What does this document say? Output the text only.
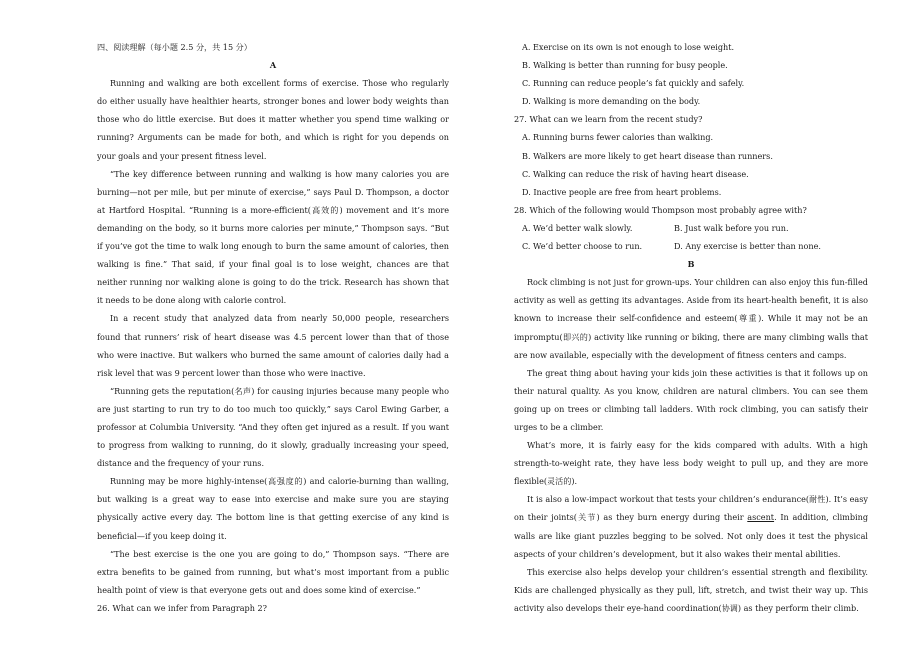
四、阅读理解（每小题 2.5 分，共 15 分）

A

Running and walking are both excellent forms of exercise. Those who regularly do either usually have healthier hearts, stronger bones and lower body weights than those who do little exercise. But does it matter whether you spend time walking or running? Arguments can be made for both, and which is right for you depends on your goals and your present fitness level.

“The key difference between running and walking is how many calories you are burning—not per mile, but per minute of exercise,” says Paul D. Thompson, a doctor at Hartford Hospital. “Running is a more-efficient(高效的) movement and it’s more demanding on the body, so it burns more calories per minute,” Thompson says. “But if you’ve got the time to walk long enough to burn the same amount of calories, then walking is fine.” That said, if your final goal is to lose weight, chances are that neither running nor walking alone is going to do the trick. Research has shown that it needs to be done along with calorie control.

In a recent study that analyzed data from nearly 50,000 people, researchers found that runners’ risk of heart disease was 4.5 percent lower than that of those who were inactive. But walkers who burned the same amount of calories daily had a risk level that was 9 percent lower than those who were inactive.

“Running gets the reputation(名声) for causing injuries because many people who are just starting to run try to do too much too quickly,” says Carol Ewing Garber, a professor at Columbia University. “And they often get injured as a result. If you want to progress from walking to running, do it slowly, gradually increasing your speed, distance and the frequency of your runs.

Running may be more highly-intense(高强度的) and calorie-burning than walling, but walking is a great way to ease into exercise and make sure you are staying physically active every day. The bottom line is that getting exercise of any kind is beneficial—if you keep doing it.

“The best exercise is the one you are going to do,” Thompson says. “There are extra benefits to be gained from running, but what’s most important from a public health point of view is that everyone gets out and does some kind of exercise.”

26. What can we infer from Paragraph 2?

A. Exercise on its own is not enough to lose weight.

B. Walking is better than running for busy people.

C. Running can reduce people’s fat quickly and safely.

D. Walking is more demanding on the body.

27. What can we learn from the recent study?

A. Running burns fewer calories than walking.

B. Walkers are more likely to get heart disease than runners.

C. Walking can reduce the risk of having heart disease.

D. Inactive people are free from heart problems.

28. Which of the following would Thompson most probably agree with?

A. We’d better walk slowly.	B. Just walk before you run.
C. We’d better choose to run.	D. Any exercise is better than none.

B

Rock climbing is not just for grown-ups. Your children can also enjoy this fun-filled activity as well as getting its advantages. Aside from its heart-health benefit, it is also known to increase their self-confidence and esteem(尊重). While it may not be an impromptu(即兴的) activity like running or biking, there are many climbing walls that are now available, especially with the development of fitness centers and camps.

The great thing about having your kids join these activities is that it follows up on their natural quality. As you know, children are natural climbers. You can see them going up on trees or climbing tall ladders. With rock climbing, you can satisfy their urges to be a climber.

What’s more, it is fairly easy for the kids compared with adults. With a high strength-to-weight rate, they have less body weight to pull up, and they are more flexible(灵活的).

It is also a low-impact workout that tests your children’s endurance(耐性). It’s easy on their joints(关节) as they burn energy during their ascent. In addition, climbing walls are like giant puzzles begging to be solved. Not only does it test the physical aspects of your children’s development, but it also wakes their mental abilities.

This exercise also helps develop your children’s essential strength and flexibility. Kids are challenged physically as they pull, lift, stretch, and twist their way up. This activity also develops their eye-hand coordination(协调) as they perform their climb.
